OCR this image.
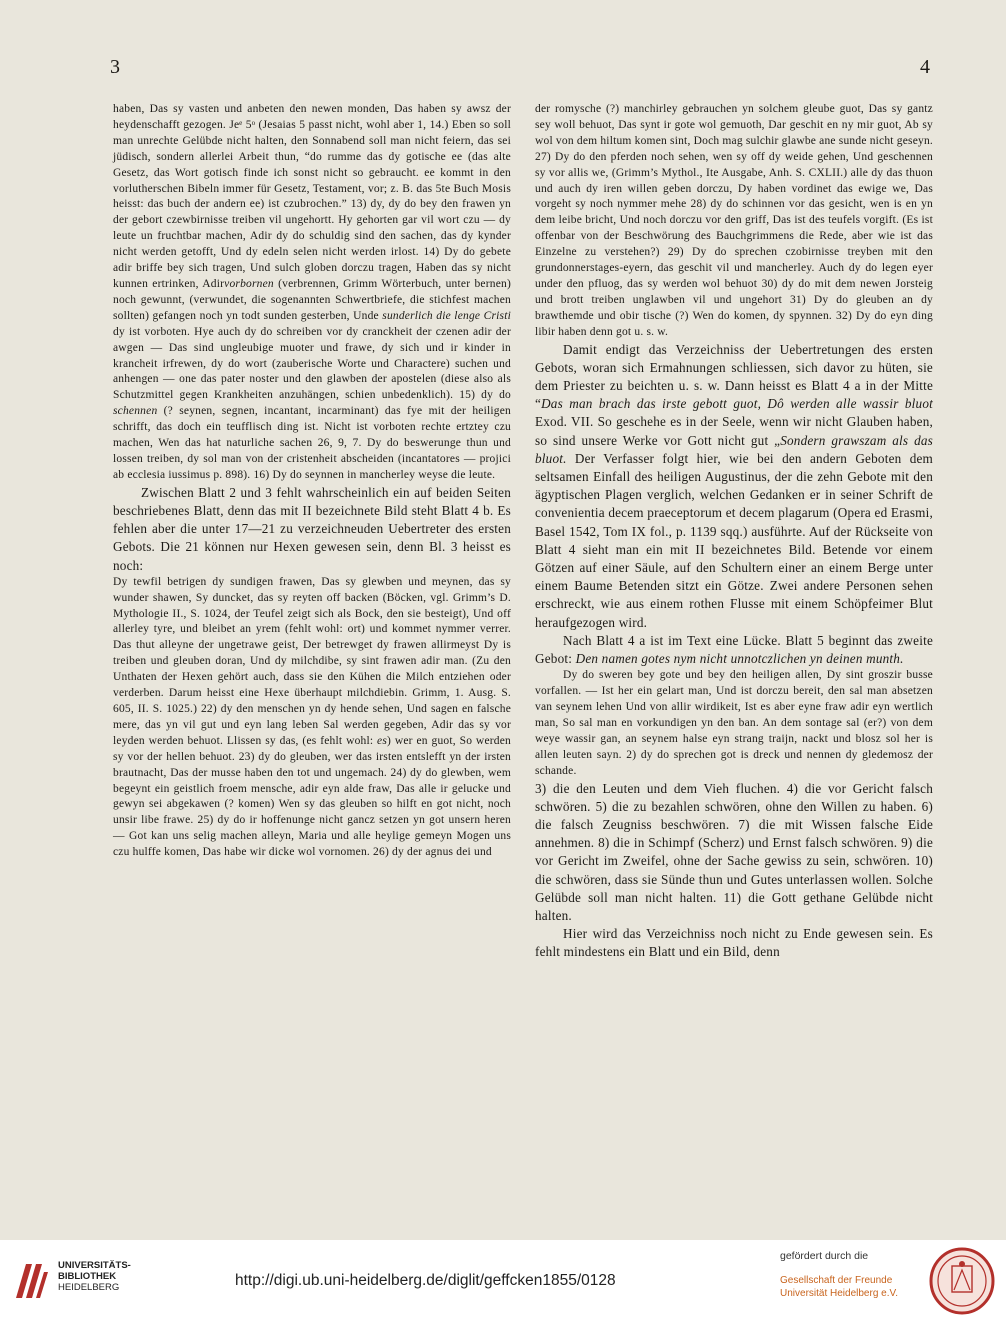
3	4

haben, Das sy vasten und anbeten den newen monden, Das haben sy awsz der heydenschafft gezogen. Jeᵉ 5ᵒ (Jesaias 5 passt nicht, wohl aber 1, 14.) Eben so soll man unrechte Gelübde nicht halten, den Sonnabend soll man nicht feiern, das sei jüdisch, sondern allerlei Arbeit thun, “do rumme das dy gotische ee (das alte Gesetz, das Wort gotisch finde ich sonst nicht so gebraucht. ee kommt in den vorlutherschen Bibeln immer für Gesetz, Testament, vor; z. B. das 5te Buch Mosis heisst: das buch der andern ee) ist czubrochen.” 13) dy, dy do bey den frawen yn der gebort czewbirnisse treiben vil ungehortt. Hy gehorten gar vil wort czu — dy leute un fruchtbar machen, Adir dy do schuldig sind den sachen, das dy kynder nicht werden getofft, Und dy edeln selen nicht werden irlost. 14) Dy do gebete adir briffe bey sich tragen, Und sulch globen dorczu tragen, Haben das sy nicht kunnen ertrinken, Adirvorbornen (verbrennen, Grimm Wörterbuch, unter bernen) noch gewunnt, (verwundet, die sogenannten Schwertbriefe, die stichfest machen sollten) gefangen noch yn todt sunden gesterben, Unde sunderlich die lenge Cristi dy ist vorboten. Hye auch dy do schreiben vor dy cranckheit der czenen adir der awgen — Das sind ungleubige muoter und frawe, dy sich und ir kinder in krancheit irfrewen, dy do wort (zauberische Worte und Charactere) suchen und anhengen — one das pater noster und den glawben der apostelen (diese also als Schutzmittel gegen Krankheiten anzuhängen, schien unbedenklich). 15) dy do schennen (? seynen, segnen, incantant, incarminant) das fye mit der heiligen schrifft, das doch ein teufflisch ding ist. Nicht ist vorboten rechte ertztey czu machen, Wen das hat naturliche sachen 26, 9, 7. Dy do beswerunge thun und lossen treiben, dy sol man von der cristenheit abscheiden (incantatores — projici ab ecclesia iussimus p. 898). 16) Dy do seynnen in mancherley weyse die leute.

Zwischen Blatt 2 und 3 fehlt wahrscheinlich ein auf beiden Seiten beschriebenes Blatt, denn das mit II bezeichnete Bild steht Blatt 4 b. Es fehlen aber die unter 17—21 zu verzeichneuden Uebertreter des ersten Gebots. Die 21 können nur Hexen gewesen sein, denn Bl. 3 heisst es noch:

Dy tewfil betrigen dy sundigen frawen, Das sy glewben und meynen, das sy wunder shawen, Sy duncket, das sy reyten off backen (Böcken, vgl. Grimm’s D. Mythologie II., S. 1024, der Teufel zeigt sich als Bock, den sie besteigt), Und off allerley tyre, und bleibet an yrem (fehlt wohl: ort) und kommet nymmer verrer. Das thut alleyne der ungetrawe geist, Der betrewget dy frawen allirmeyst Dy is treiben und gleuben doran, Und dy milchdibe, sy sint frawen adir man. (Zu den Unthaten der Hexen gehört auch, dass sie den Kühen die Milch entziehen oder verderben. Darum heisst eine Hexe überhaupt milchdiebin. Grimm, 1. Ausg. S. 605, II. S. 1025.) 22) dy den menschen yn dy hende sehen, Und sagen en falsche mere, das yn vil gut und eyn lang leben Sal werden gegeben, Adir das sy vor leyden werden behuot. Llissen sy das, (es fehlt wohl: es) wer en guot, So werden sy vor der hellen behuot. 23) dy do gleuben, wer das irsten entslefft yn der irsten brautnacht, Das der musse haben den tot und ungemach. 24) dy do glewben, wem begeynt ein geistlich froem mensche, adir eyn alde fraw, Das alle ir gelucke und gewyn sei abgekawen (? komen) Wen sy das gleuben so hilft en got nicht, noch unsir libe frawe. 25) dy do ir hoffenunge nicht gancz setzen yn got unsern heren — Got kan uns selig machen alleyn, Maria und alle heylige gemeyn Mogen uns czu hulffe komen, Das habe wir dicke wol vornomen. 26) dy der agnus dei und

der romysche (?) manchirley gebrauchen yn solchem gleube guot, Das sy gantz sey woll behuot, Das synt ir gote wol gemuoth, Dar geschit en ny mir guot, Ab sy wol von dem hiltum komen sint, Doch mag sulchir glawbe ane sunde nicht geseyn. 27) Dy do den pferden noch sehen, wen sy off dy weide gehen, Und geschennen sy vor allis we, (Grimm’s Mythol., Ite Ausgabe, Anh. S. CXLII.) alle dy das thuon und auch dy iren willen geben dorczu, Dy haben vordinet das ewige we, Das vorgeht sy noch nymmer mehe 28) dy do schinnen vor das gesicht, wen is en yn dem leibe bricht, Und noch dorczu vor den griff, Das ist des teufels vorgift. (Es ist offenbar von der Beschwörung des Bauchgrimmens die Rede, aber wie ist das Einzelne zu verstehen?) 29) Dy do sprechen czobirnisse treyben mit den grundonnerstages-eyern, das geschit vil und mancherley. Auch dy do legen eyer under den pfluog, das sy werden wol behuot 30) dy do mit dem newen Jorsteig und brott treiben unglawben vil und ungehort 31) Dy do gleuben an dy brawthemde und obir tische (?) Wen do komen, dy spynnen. 32) Dy do eyn ding libir haben denn got u. s. w.

Damit endigt das Verzeichniss der Uebertretungen des ersten Gebots, woran sich Ermahnungen schliessen, sich davor zu hüten, sie dem Priester zu beichten u. s. w. Dann heisst es Blatt 4 a in der Mitte “Das man brach das irste gebott guot, Dô werden alle wassir bluot Exod. VII. So geschehe es in der Seele, wenn wir nicht Glauben haben, so sind unsere Werke vor Gott nicht gut „Sondern grawszam als das bluot. Der Verfasser folgt hier, wie bei den andern Geboten dem seltsamen Einfall des heiligen Augustinus, der die zehn Gebote mit den ägyptischen Plagen verglich, welchen Gedanken er in seiner Schrift de convenientia decem praeceptorum et decem plagarum (Opera ed Erasmi, Basel 1542, Tom IX fol., p. 1139 sqq.) ausführte. Auf der Rückseite von Blatt 4 sieht man ein mit II bezeichnetes Bild. Betende vor einem Götzen auf einer Säule, auf den Schultern einer an einem Berge unter einem Baume Betenden sitzt ein Götze. Zwei andere Personen sehen erschreckt, wie aus einem rothen Flusse mit einem Schöpfeimer Blut heraufgezogen wird.

Nach Blatt 4 a ist im Text eine Lücke. Blatt 5 beginnt das zweite Gebot: Den namen gotes nym nicht unnotczlichen yn deinen munth.

Dy do sweren bey gote und bey den heiligen allen, Dy sint groszir busse vorfallen. — Ist her ein gelart man, Und ist dorczu bereit, den sal man absetzen van seynem lehen Und von allir wirdikeit, Ist es aber eyne fraw adir eyn wertlich man, So sal man en vorkundigen yn den ban. An dem sontage sal (er?) von dem weye wassir gan, an seynem halse eyn strang traijn, nackt und blosz sol her is allen leuten sayn. 2) dy do sprechen got is dreck und nennen dy gledemosz der schande.

3) die den Leuten und dem Vieh fluchen. 4) die vor Gericht falsch schwören. 5) die zu bezahlen schwören, ohne den Willen zu haben. 6) die falsch Zeugniss beschwören. 7) die mit Wissen falsche Eide annehmen. 8) die in Schimpf (Scherz) und Ernst falsch schwören. 9) die vor Gericht im Zweifel, ohne der Sache gewiss zu sein, schwören. 10) die schwören, dass sie Sünde thun und Gutes unterlassen wollen. Solche Gelübde soll man nicht halten. 11) die Gott gethane Gelübde nicht halten.

Hier wird das Verzeichniss noch nicht zu Ende gewesen sein. Es fehlt mindestens ein Blatt und ein Bild, denn

UNIVERSITÄTS-
BIBLIOTHEK
HEIDELBERG	http://digi.ub.uni-heidelberg.de/diglit/geffcken1855/0128
gefördert durch die
Gesellschaft der Freunde
Universität Heidelberg e.V.
